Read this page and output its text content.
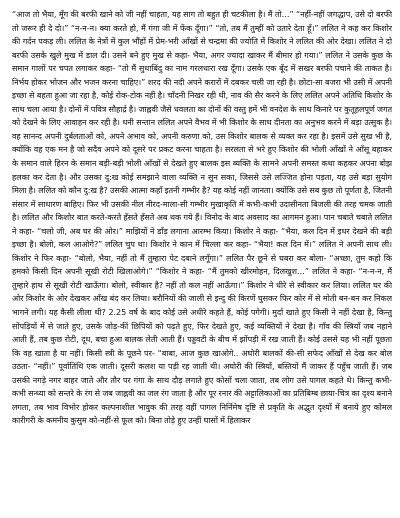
“आज तो भैया, मूँग की बरफी खाने को जी नहीं चाहता, यह साग तो बहुत ही चटकीला है। मैं तो…” “नहीं-नहीं जगद्धाप, उसे दो बरफी तो जरूर ही दे दो।” “न-न-न। क्या करते हो, मैं गंगा जी में फेंक दूँगा।” “तो, तब मैं तुम्हीं को उतारे देता हूँ।” ललित ने कह कर किशोर की गर्दन पकड़ ली। ललित के नेत्रों में कुल भौंहों में प्रेम-भरी आँखों से चन्द्रमा की ज्योति में किशोर ने ललित की ओर देखा। ललित ने दो बरफी उसके खुले मुख में डाल दी। उसने बने हुए मुख से कहा- भैया, अगर ज्यादा खाकर मैं बीमार हो गया।” ललित ने उसके कुछ के समान गालों पर चपत लगाकर कहा- “तो मैं सुधाबिंदु का नाम गरलधारा रख दूँगा। उसके एक बूँद में सखर बरफी पचाने की ताकत है। निर्भय होकर भोजन और भजन करना चाहिए।” शरद की नदी अपने करारों में दबकर चली जा रही है। छोटा-सा बजरा भी उसी में अपनी इच्छा से बहता हुआ जा रहा है, कोई रोक-टोक नहीं है। चाँदनी निखर रही थी, नाव की सैर करने के लिए ललित अपने अतिथि किशोर के साथ चला आया है। दोनों में पवित्र सौहार्द्र है। जाह्नवी जैसे धवलता का दोनों की वस्तु हमें भी वनदेश के साथ किनारे पर कुतूहलपूर्ण जगत को देखने के लिए आवाहन कर रही है। धनी सन्तान ललित अपने वैभव में भी किशोर के साथ दीनता का अनुभव करने में बड़ा उत्सुक है। वह सानन्द अपनी दुर्बलताओं को, अपने अभाव को, अपनी करुणा को, उस किशोर बालक से व्यक्त कर रहा है। इसमें उसे सुख भी है, क्योंकि वह एक मन है जो सदैव अपने को दूसरे पर प्रकट करना चाहता है। सरलता से भरे हुए किशोर की भोली आँखों ने आँसू बहाकर के समान वाले हिरन के समान बड़ी-बड़ी भोली आँखों से देखते हुए बालक इस ब्यक्ति के सामने अपनी समस्त कथा कहकर अपना बोझ हलका कर देता है। और उसका दु:ख कोई समझाने वाला व्यक्ति न सुन सका, जिससे उसे लज्जित होना पड़ता, यह उसे बड़ा सुयोग मिला है। ललित को कौन दु:ख है? उसकी आत्मा कहाँ इतनी गम्भीर है? यह कोई नहीं जानता। क्योंकि उसे सब कुछ तो पूर्णता है, जितनी संसार में साधारण बाहिए। फिर भी उसकी नील नीरद-माला-सी गम्भीर मुखाकृति में कभी-कभी उदासीनता बिजली की तरह चमक जाती है। ललित और किशोर बात करते-करते हँसते हँसते अब थक गये हैं। विनोद के बाद अवसाद का आगमन हुआ। पान चबाते चबाते ललित ने कहा- “चलो जी, अब घर की ओर।” माझियों ने डाँड़ लगाना आरम्भ किया। किशोर ने कहा- “भैया, कल दिन में इधर देखने की बड़ी इच्छा है। बोलो, कल आओगे?” ललित चुप था। किशोर ने कान में चिल्ला कर कहा- “भैया! कल दिन में।” ललित ने अपनी साथ ली। किशोर ने फिर कहा- “बोलो, भैया, नहीं तो मैं तुम्हारा पेट दबाने लगूँगा।” ललित पैर छूने से घबरा कर बोला- “अच्छा, तुम कहो कि हमको किसी दिन अपनी सूखी रोटी खिलाओगे।” “किशोर ने कहा- “मैं तुमको खीरमोहन, दिलखुश…” ललित ने कहा- “न-न-न, मैं तुम्हारे हाथ से सूखी रोटी खाऊँगा। बोलो, स्वीकार है? नहीं तो कल नहीं आऊँगा।” किशोर ने धीरे से स्वीकार कर लिया। ललित घर की ओर किशोर के ओर देखकर आँख बंद कर लिया। बरौनियों की जाली से इन्दु की किरणें घुसकर फिर कोर में से मोती बन-बन कर निकल भागने लगी। यह कैसी लीला थी? 2.25 वर्ष के बाद कोई उसे अधीरे कहते हैं, कोई पगेगी। मुर्दा खाते हुए किसी ने नहीं देखा है, किन्तु सोंपड़ियों में से जाते हुए, उसके जोड़-कीं छिपियों को पढ़ते हुए, फिर देखते हुए, कई व्यक्तियों ने देखा है। गाँव की स्त्रियाँ जब नहाने आती हैं, तब कुछ रोटी, दूध, बचा हुआ बालक लेती आती हैं। पड्डवटी के बीच में झोंपड़ी में रख जाती हैं। कोई उससे यह भी नहीं पूछता कि वह खाता है या नहीं। किसी स्त्री के पूछने पर- “बाबा, आज कुछ खाओगे.. अघोरी बालकों की-सी सफेद आँखों से देख कर बोल उठता- “नहीं।” पूर्वातिथि एक जाती। दूसरी कलश या पड़ी रह जाती थी। अघोरी की स्त्रियों, बस्तियों मैं जाकर हैं पहुँच जाती हैं। जब उसकी नगड़े नगर बाहर जाते और तौर पर गंगा के साथ दौड़ लगाते हुए कोसों चला जाता, तब लोग उसे पागल कहते थे। किन्तु कभी-कभी सन्ध्या को सन्तरे के रंग से जब जाह्नवी का जल रंग जाता है और पूर रनार की अट्टालिकाओं का प्रतिबिम्ब छाया-चित्र का दृश्य बनाने लगता, तब भाव विभोर होकर कल्पनाशील भावुक की तरह वहीं पागल निर्निमेष दृष्टि से प्रकृति के अद्भुत दृश्यों में बनाये हुए कोमल कारीगरी के कमनीय कुसुम को-नहीं-से फूल को। बिना तोड़े हुए उन्हीं घासों में हिलाकर
